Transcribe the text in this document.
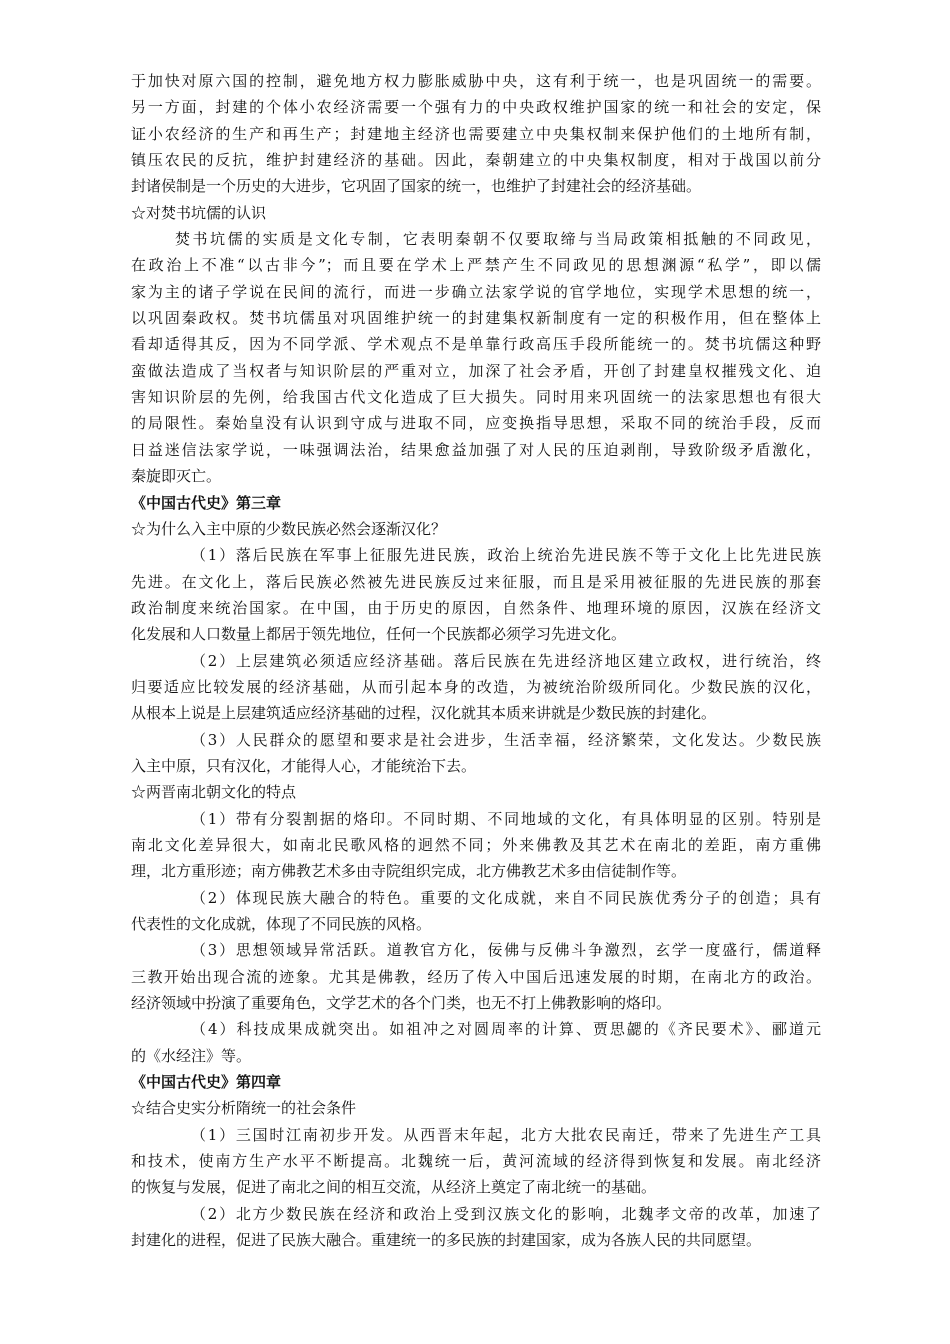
于加快对原六国的控制，避免地方权力膨胀威胁中央，这有利于统一，也是巩固统一的需要。
另一方面，封建的个体小农经济需要一个强有力的中央政权维护国家的统一和社会的安定，保
证小农经济的生产和再生产；封建地主经济也需要建立中央集权制来保护他们的土地所有制，
镇压农民的反抗，维护封建经济的基础。因此，秦朝建立的中央集权制度，相对于战国以前分
封诸侯制是一个历史的大进步，它巩固了国家的统一，也维护了封建社会的经济基础。
☆对焚书坑儒的认识
焚书坑儒的实质是文化专制，它表明秦朝不仅要取缔与当局政策相抵触的不同政见，
在政治上不准“以古非今”；而且要在学术上严禁产生不同政见的思想渊源“私学”，即以儒
家为主的诸子学说在民间的流行，而进一步确立法家学说的官学地位，实现学术思想的统一，
以巩固秦政权。焚书坑儒虽对巩固维护统一的封建集权新制度有一定的积极作用，但在整体上
看却适得其反，因为不同学派、学术观点不是单靠行政高压手段所能统一的。焚书坑儒这种野
蛮做法造成了当权者与知识阶层的严重对立，加深了社会矛盾，开创了封建皇权摧残文化、迫
害知识阶层的先例，给我国古代文化造成了巨大损失。同时用来巩固统一的法家思想也有很大
的局限性。秦始皇没有认识到守成与进取不同，应变换指导思想，采取不同的统治手段，反而
日益迷信法家学说，一味强调法治，结果愈益加强了对人民的压迫剥削，导致阶级矛盾激化，
秦旋即灭亡。
《中国古代史》第三章
☆为什么入主中原的少数民族必然会逐渐汉化？
（1）落后民族在军事上征服先进民族，政治上统治先进民族不等于文化上比先进民族
先进。在文化上，落后民族必然被先进民族反过来征服，而且是采用被征服的先进民族的那套
政治制度来统治国家。在中国，由于历史的原因，自然条件、地理环境的原因，汉族在经济文
化发展和人口数量上都居于领先地位，任何一个民族都必须学习先进文化。
（2）上层建筑必须适应经济基础。落后民族在先进经济地区建立政权，进行统治，终
归要适应比较发展的经济基础，从而引起本身的改造，为被统治阶级所同化。少数民族的汉化，
从根本上说是上层建筑适应经济基础的过程，汉化就其本质来讲就是少数民族的封建化。
（3）人民群众的愿望和要求是社会进步，生活幸福，经济繁荣，文化发达。少数民族
入主中原，只有汉化，才能得人心，才能统治下去。
☆两晋南北朝文化的特点
（1）带有分裂割据的烙印。不同时期、不同地域的文化，有具体明显的区别。特别是
南北文化差异很大，如南北民歌风格的迥然不同；外来佛教及其艺术在南北的差距，南方重佛
理，北方重形迹；南方佛教艺术多由寺院组织完成，北方佛教艺术多由信徒制作等。
（2）体现民族大融合的特色。重要的文化成就，来自不同民族优秀分子的创造；具有
代表性的文化成就，体现了不同民族的风格。
（3）思想领域异常活跃。道教官方化，佞佛与反佛斗争激烈，玄学一度盛行，儒道释
三教开始出现合流的迹象。尤其是佛教，经历了传入中国后迅速发展的时期，在南北方的政治。
经济领域中扮演了重要角色，文学艺术的各个门类，也无不打上佛教影响的烙印。
（4）科技成果成就突出。如祖冲之对圆周率的计算、贾思勰的《齐民要术》、郦道元
的《水经注》等。
《中国古代史》第四章
☆结合史实分析隋统一的社会条件
（1）三国时江南初步开发。从西晋末年起，北方大批农民南迁，带来了先进生产工具
和技术，使南方生产水平不断提高。北魏统一后，黄河流域的经济得到恢复和发展。南北经济
的恢复与发展，促进了南北之间的相互交流，从经济上奠定了南北统一的基础。
（2）北方少数民族在经济和政治上受到汉族文化的影响，北魏孝文帝的改革，加速了
封建化的进程，促进了民族大融合。重建统一的多民族的封建国家，成为各族人民的共同愿望。
